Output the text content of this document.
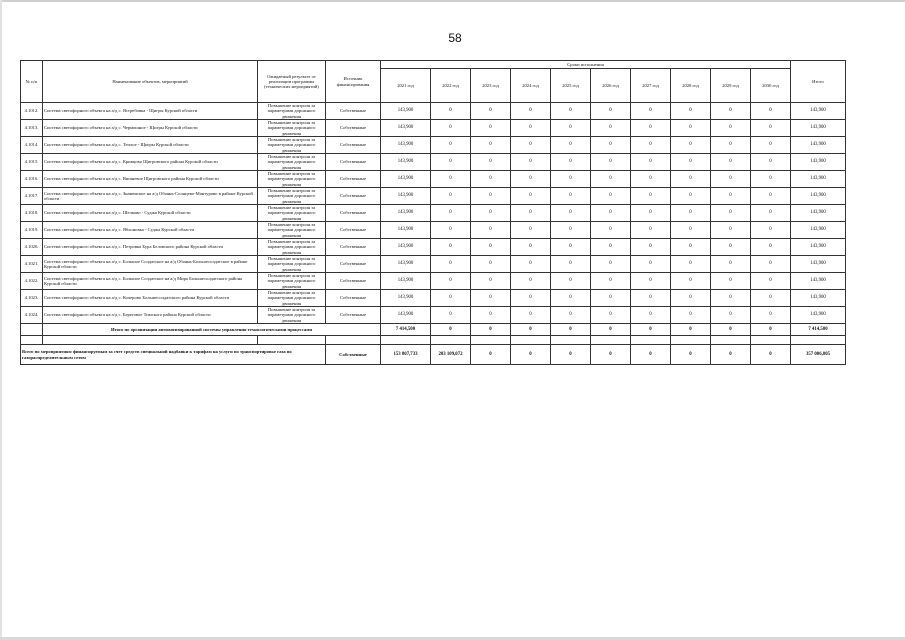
58
№ п/п	Наименование объектов, мероприятий	Ожидаемый результат от реализации программы (технических мероприятий)	Источник финансирования	Сроки исполнения										Итого
				2021 год	2022 год	2023 год	2024 год	2025 год	2026 год	2027 год	2028 год	2029 год	2030 год	
4.1012.	Система светофорного объекта на а/д с. Ястребовка - Щигры Курской области	Повышение контроля за параметрами дорожного движения	Собственные	143,900	0	0	0	0	0	0	0	0	0	143,900
4.1013.	Система светофорного объекта на а/д с. Чермошное - Щигры Курской области	Повышение контроля за параметрами дорожного движения	Собственные	143,900	0	0	0	0	0	0	0	0	0	143,900
4.1014.	Система светофорного объекта на а/д с. Теплое - Щигры Курской области	Повышение контроля за параметрами дорожного движения	Собственные	143,900	0	0	0	0	0	0	0	0	0	143,900
4.1015.	Система светофорного объекта на а/д с. Кривцово Щигровского района Курской области	Повышение контроля за параметрами дорожного движения	Собственные	143,900	0	0	0	0	0	0	0	0	0	143,900
4.1016.	Система светофорного объекта на а/д с. Вишневое Щигровского района Курской области	Повышение контроля за параметрами дорожного движения	Собственные	143,900	0	0	0	0	0	0	0	0	0	143,900
4.1017.	Система светофорного объекта на а/д с. Знаменское на а/д Обоянь-Солнцево-Мантурово в районе Курской области	Повышение контроля за параметрами дорожного движения	Собственные	143,900	0	0	0	0	0	0	0	0	0	143,900
4.1018.	Система светофорного объекта на а/д с. Шелково - Суджа Курской области	Повышение контроля за параметрами дорожного движения	Собственные	143,900	0	0	0	0	0	0	0	0	0	143,900
4.1019.	Система светофорного объекта на а/д с. Яблоновка - Суджа Курской области	Повышение контроля за параметрами дорожного движения	Собственные	143,900	0	0	0	0	0	0	0	0	0	143,900
4.1020.	Система светофорного объекта на а/д с. Петровка Бура Беловского района Курской области	Повышение контроля за параметрами дорожного движения	Собственные	143,900	0	0	0	0	0	0	0	0	0	143,900
4.1021.	Система светофорного объекта на а/д с. Большое Солдатское на а/д Обоянь-Большесолдатское в районе Курской области	Повышение контроля за параметрами дорожного движения	Собственные	143,900	0	0	0	0	0	0	0	0	0	143,900
4.1022.	Система светофорного объекта на а/д с. Большое Солдатское на а/д Мира Большесолдатского района Курской области	Повышение контроля за параметрами дорожного движения	Собственные	143,900	0	0	0	0	0	0	0	0	0	143,900
4.1023.	Система светофорного объекта на а/д с. Кочерово Большесолдатского района Курской области	Повышение контроля за параметрами дорожного движения	Собственные	143,900	0	0	0	0	0	0	0	0	0	143,900
4.1024.	Система светофорного объекта на а/д с. Береговое Тимского района Курской области	Повышение контроля за параметрами дорожного движения	Собственные	143,900	0	0	0	0	0	0	0	0	0	143,900
	Итого по организации автоматизированной системы управления технологическими процессами			7 414,500	0	0	0	0	0	0	0	0	0	7 414,500

Всего по мероприятиям финансируемым за счет средств специальной надбавки к тарифам на услуги по транспортировке газа по газораспределительным сетям			Собственные	153 807,733	203 109,072	0	0	0	0	0	0	0	0	357 006,805
